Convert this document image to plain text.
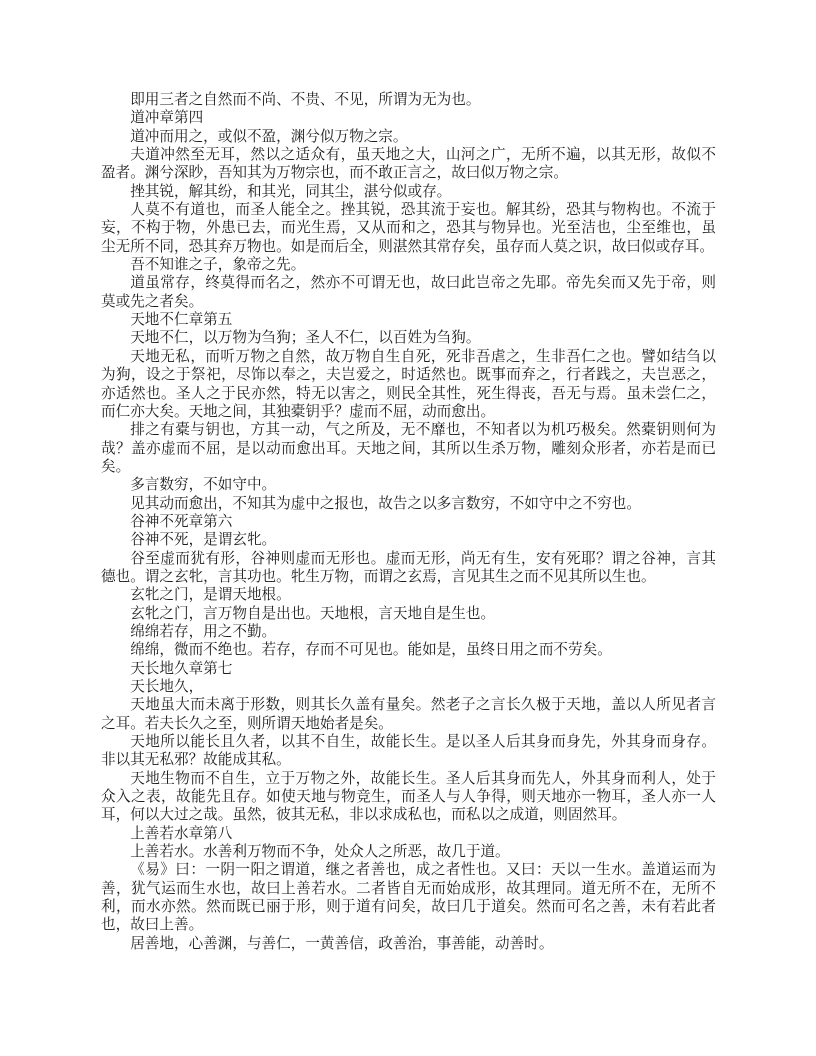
即用三者之自然而不尚、不贵、不见，所谓为无为也。
道冲章第四
道冲而用之，或似不盈，渊兮似万物之宗。
夫道冲然至无耳，然以之适众有，虽天地之大，山河之广，无所不遍，以其无形，故似不
盈者。渊兮深眇，吾知其为万物宗也，而不敢正言之，故曰似万物之宗。
挫其锐，解其纷，和其光，同其尘，湛兮似或存。
人莫不有道也，而圣人能全之。挫其锐，恐其流于妄也。解其纷，恐其与物构也。不流于
妄，不构于物，外患已去，而光生焉，又从而和之，恐其与物异也。光至洁也，尘至维也，虽
尘无所不同，恐其弃万物也。如是而后全，则湛然其常存矣，虽存而人莫之识，故曰似或存耳。
吾不知谁之子，象帝之先。
道虽常存，终莫得而名之，然亦不可谓无也，故曰此岂帝之先耶。帝先矣而又先于帝，则
莫或先之者矣。
天地不仁章第五
天地不仁，以万物为刍狗；圣人不仁，以百姓为刍狗。
天地无私，而听万物之自然，故万物自生自死，死非吾虐之，生非吾仁之也。譬如结刍以
为狗，设之于祭祀，尽饰以奉之，夫岂爱之，时适然也。既事而弃之，行者践之，夫岂恶之，
亦适然也。圣人之于民亦然，特无以害之，则民全其性，死生得丧，吾无与焉。虽未尝仁之，
而仁亦大矣。天地之间，其独橐钥乎？虚而不屈，动而愈出。
排之有橐与钥也，方其一动，气之所及，无不靡也，不知者以为机巧极矣。然橐钥则何为
哉？盖亦虚而不屈，是以动而愈出耳。天地之间，其所以生杀万物，雕刻众形者，亦若是而已
矣。
多言数穷，不如守中。
见其动而愈出，不知其为虚中之报也，故告之以多言数穷，不如守中之不穷也。
谷神不死章第六
谷神不死，是谓玄牝。
谷至虚而犹有形，谷神则虚而无形也。虚而无形，尚无有生，安有死耶？谓之谷神，言其
德也。谓之玄牝，言其功也。牝生万物，而谓之玄焉，言见其生之而不见其所以生也。
玄牝之门，是谓天地根。
玄牝之门，言万物自是出也。天地根，言天地自是生也。
绵绵若存，用之不勤。
绵绵，微而不绝也。若存，存而不可见也。能如是，虽终日用之而不劳矣。
天长地久章第七
天长地久，
天地虽大而未离于形数，则其长久盖有量矣。然老子之言长久极于天地，盖以人所见者言
之耳。若夫长久之至，则所谓天地始者是矣。
天地所以能长且久者，以其不自生，故能长生。是以圣人后其身而身先，外其身而身存。
非以其无私邪？故能成其私。
天地生物而不自生，立于万物之外，故能长生。圣人后其身而先人，外其身而利人，处于
众入之表，故能先且存。如使天地与物竞生，而圣人与人争得，则天地亦一物耳，圣人亦一人
耳，何以大过之哉。虽然，彼其无私，非以求成私也，而私以之成道，则固然耳。
上善若水章第八
上善若水。水善利万物而不争，处众人之所恶，故几于道。
《易》曰：一阴一阳之谓道，继之者善也，成之者性也。又曰：天以一生水。盖道运而为
善，犹气运而生水也，故曰上善若水。二者皆自无而始成形，故其理同。道无所不在，无所不
利，而水亦然。然而既已丽于形，则于道有问矣，故曰几于道矣。然而可名之善，未有若此者
也，故曰上善。
居善地，心善渊，与善仁，一黄善信，政善治，事善能，动善时。
